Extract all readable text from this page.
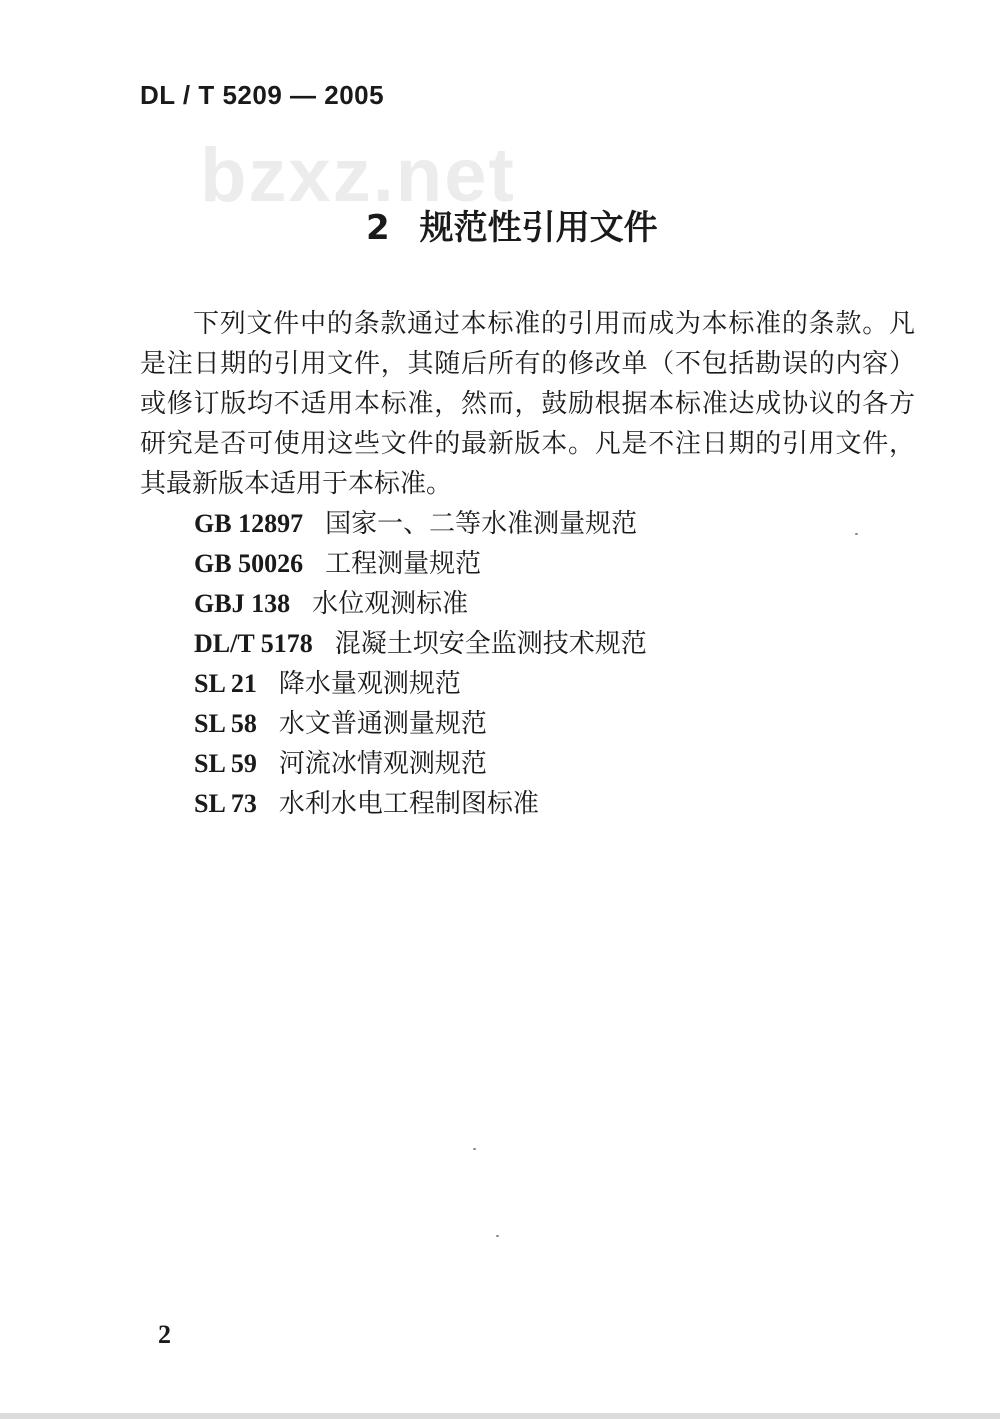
DL / T 5209 — 2005
bzxz.net
2 规范性引用文件

下列文件中的条款通过本标准的引用而成为本标准的条款。凡是注日期的引用文件，其随后所有的修改单（不包括勘误的内容）或修订版均不适用本标准，然而，鼓励根据本标准达成协议的各方研究是否可使用这些文件的最新版本。凡是不注日期的引用文件，其最新版本适用于本标准。

GB 12897 国家一、二等水准测量规范
GB 50026 工程测量规范
GBJ 138 水位观测标准
DL/T 5178 混凝土坝安全监测技术规范
SL 21 降水量观测规范
SL 58 水文普通测量规范
SL 59 河流冰情观测规范
SL 73 水利水电工程制图标准
2
